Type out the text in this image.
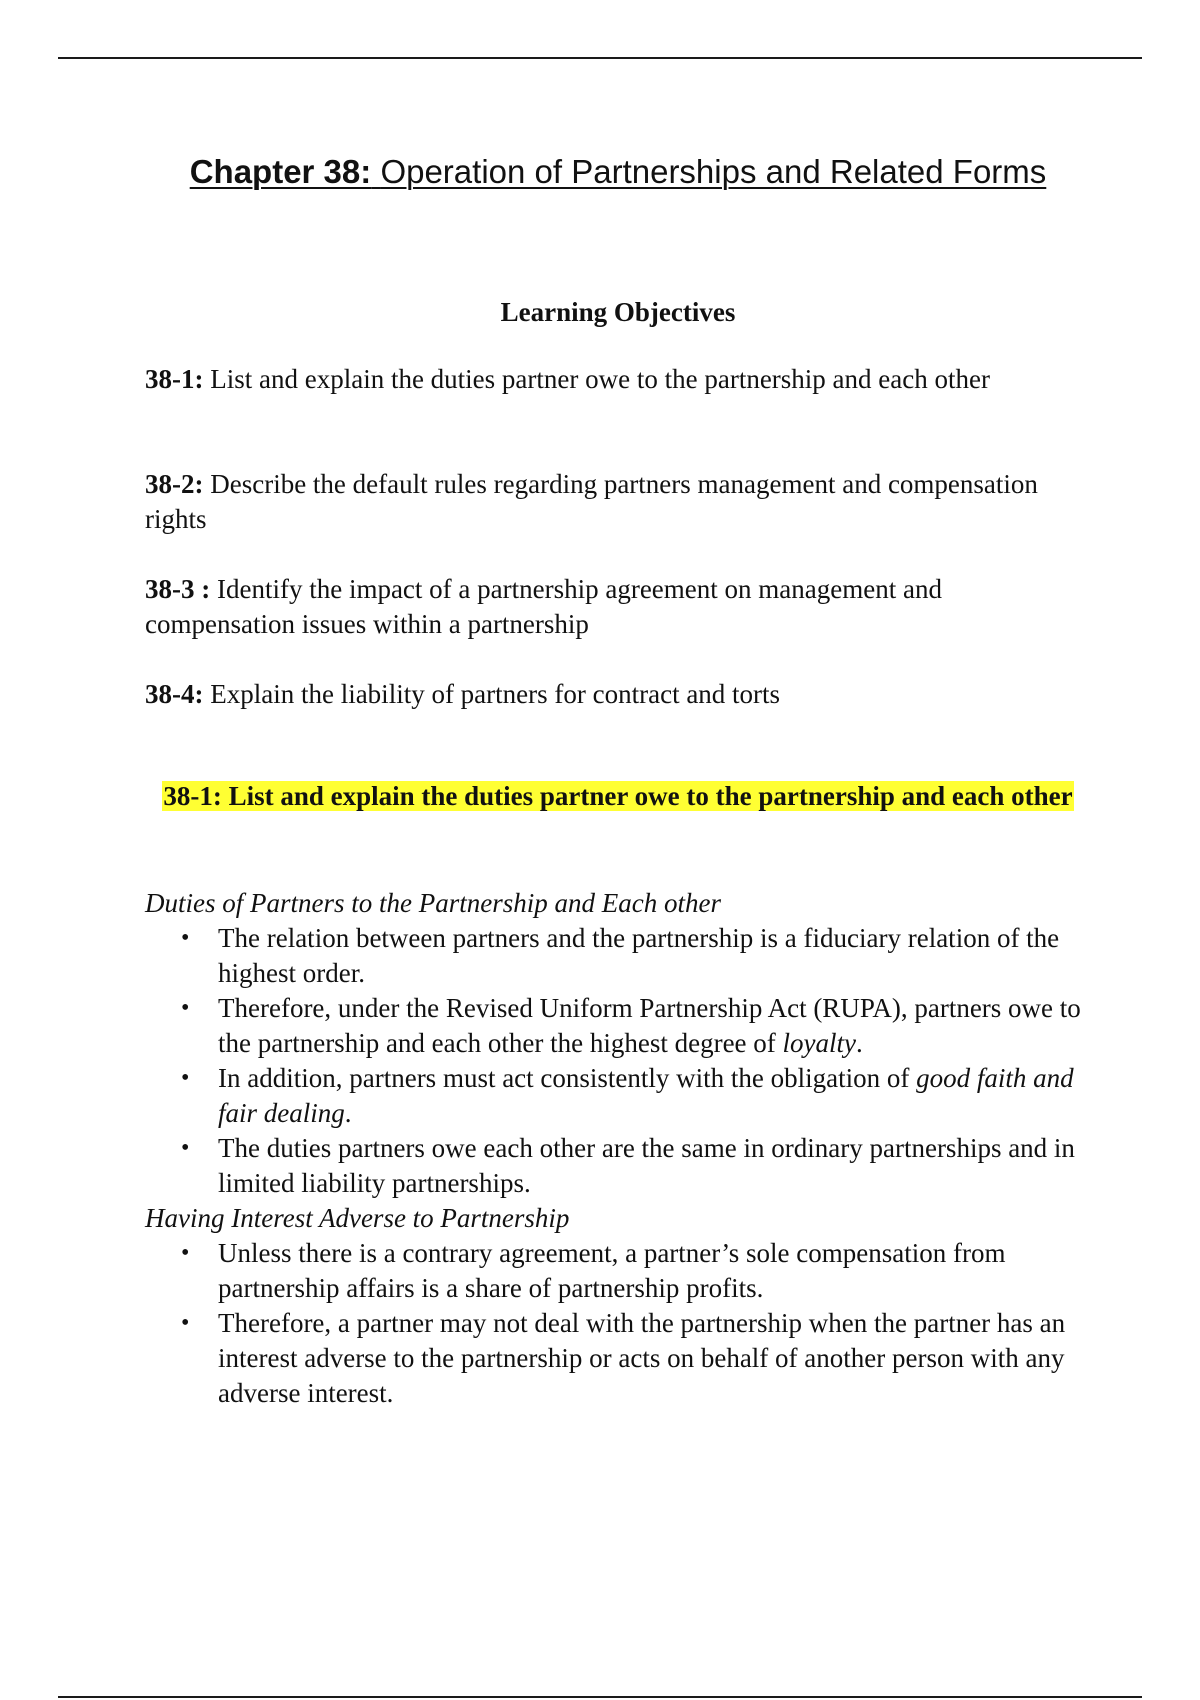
Chapter 38: Operation of Partnerships and Related Forms
Learning Objectives

38-1: List and explain the duties partner owe to the partnership and each other

38-2: Describe the default rules regarding partners management and compensation rights

38-3 : Identify the impact of a partnership agreement on management and compensation issues within a partnership

38-4: Explain the liability of partners for contract and torts

38-1: List and explain the duties partner owe to the partnership and each other

Duties of Partners to the Partnership and Each other

• The relation between partners and the partnership is a fiduciary relation of the highest order.
• Therefore, under the Revised Uniform Partnership Act (RUPA), partners owe to the partnership and each other the highest degree of loyalty.
• In addition, partners must act consistently with the obligation of good faith and fair dealing.
• The duties partners owe each other are the same in ordinary partnerships and in limited liability partnerships.

Having Interest Adverse to Partnership

• Unless there is a contrary agreement, a partner’s sole compensation from partnership affairs is a share of partnership profits.
• Therefore, a partner may not deal with the partnership when the partner has an interest adverse to the partnership or acts on behalf of another person with any adverse interest.
